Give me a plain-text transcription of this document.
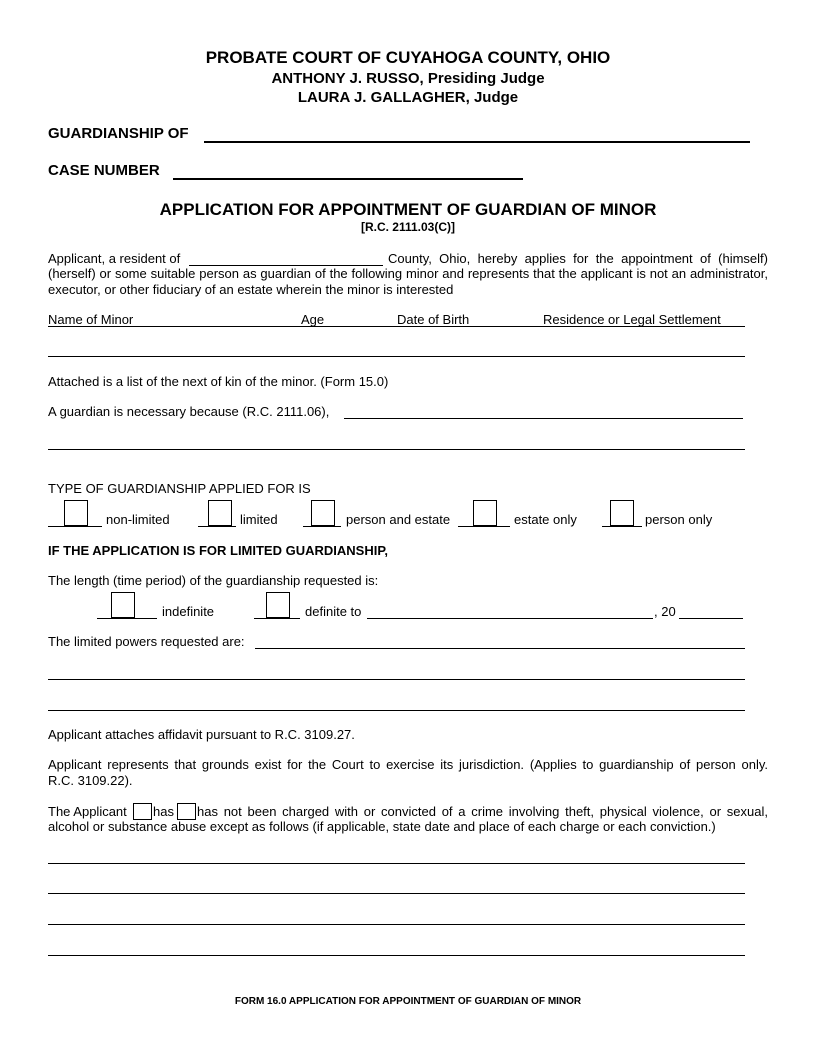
PROBATE COURT OF CUYAHOGA COUNTY, OHIO
ANTHONY J. RUSSO, Presiding Judge
LAURA J. GALLAGHER, Judge
GUARDIANSHIP OF
CASE NUMBER
APPLICATION FOR APPOINTMENT OF GUARDIAN OF MINOR
[R.C. 2111.03(C)]
Applicant, a resident of	County, Ohio, hereby applies for the appointment of (himself)
(herself) or some suitable person as guardian of the following minor and represents that the applicant is not an administrator,
executor, or other fiduciary of an estate wherein the minor is interested
Name of Minor	Age	Date of Birth	Residence or Legal Settlement
Attached is a list of the next of kin of the minor. (Form 15.0)
A guardian is necessary because (R.C. 2111.06),
TYPE OF GUARDIANSHIP APPLIED FOR IS
non-limited	limited	person and estate	estate only	person only
IF THE APPLICATION IS FOR LIMITED GUARDIANSHIP,
The length (time period) of the guardianship requested is:
indefinite	definite to	, 20
The limited powers requested are:
Applicant attaches affidavit pursuant to R.C. 3109.27.
Applicant represents that grounds exist for the Court to exercise its jurisdiction. (Applies to guardianship of person only.
R.C. 3109.22).
The Applicant has has not been charged with or convicted of a crime involving theft, physical violence, or sexual,
alcohol or substance abuse except as follows (if applicable, state date and place of each charge or each conviction.)
FORM 16.0 APPLICATION FOR APPOINTMENT OF GUARDIAN OF MINOR
